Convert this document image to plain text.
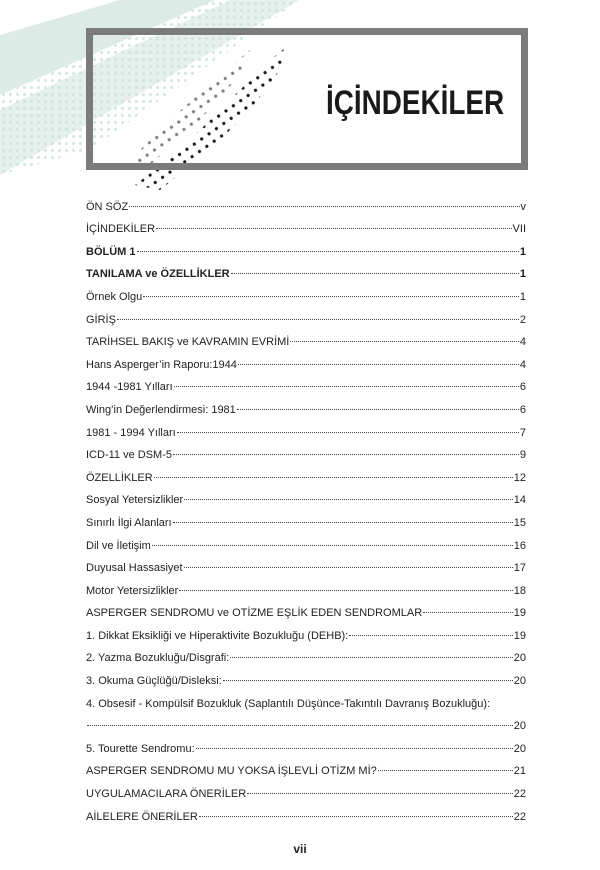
İÇİNDEKİLER
ÖN SÖZ	v
İÇİNDEKİLER	VII
BÖLÜM 1	1
TANILAMA ve ÖZELLİKLER	1
Örnek Olgu	1
GİRİŞ	2
TARİHSEL BAKIŞ ve KAVRAMIN EVRİMİ	4
Hans Asperger’in Raporu:1944	4
1944 -1981 Yılları	6
Wing’in Değerlendirmesi: 1981	6
1981 - 1994 Yılları	7
ICD-11 ve DSM-5	9
ÖZELLİKLER	12
Sosyal Yetersizlikler	14
Sınırlı İlgi Alanları	15
Dil ve İletişim	16
Duyusal Hassasiyet	17
Motor Yetersizlikler	18
ASPERGER SENDROMU ve OTİZME EŞLİK EDEN SENDROMLAR	19
1. Dikkat Eksikliği ve Hiperaktivite Bozukluğu (DEHB):	19
2. Yazma Bozukluğu/Disgrafi:	20
3. Okuma Güçlüğü/Disleksi:	20
4. Obsesif - Kompülsif Bozukluk (Saplantılı Düşünce-Takıntılı Davranış Bozukluğu):
20
5. Tourette Sendromu:	20
ASPERGER SENDROMU MU YOKSA İŞLEVLİ OTİZM Mİ?	21
UYGULAMACILARA ÖNERİLER	22
AİLELERE ÖNERİLER	22
vii
